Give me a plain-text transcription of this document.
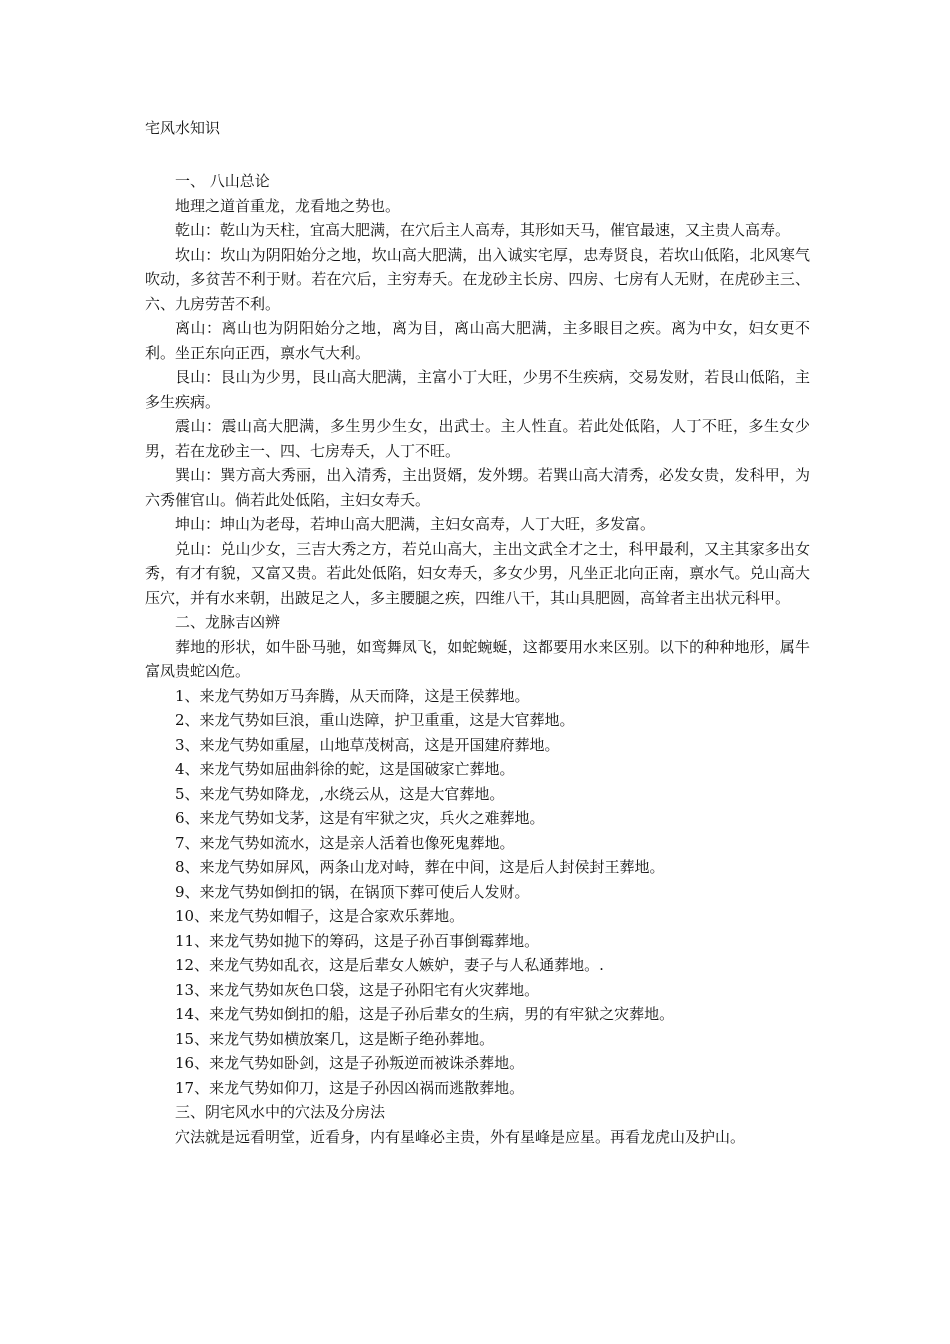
宅风水知识

一、 八山总论

地理之道首重龙，龙看地之势也。

乾山：乾山为天柱，宜高大肥满，在穴后主人高寿，其形如天马，催官最速，又主贵人高寿。

坎山：坎山为阴阳始分之地，坎山高大肥满，出入诚实宅厚，忠寿贤良，若坎山低陷，北风寒气吹动，多贫苦不利于财。若在穴后，主穷寿夭。在龙砂主长房、四房、七房有人无财，在虎砂主三、六、九房劳苦不利。

离山：离山也为阴阳始分之地，离为目，离山高大肥满，主多眼目之疾。离为中女，妇女更不利。坐正东向正西，禀水气大利。

艮山：艮山为少男，艮山高大肥满，主富小丁大旺，少男不生疾病，交易发财，若艮山低陷，主多生疾病。

震山：震山高大肥满，多生男少生女，出武士。主人性直。若此处低陷，人丁不旺，多生女少男，若在龙砂主一、四、七房寿夭，人丁不旺。

巽山：巽方高大秀丽，出入清秀，主出贤婿，发外甥。若巽山高大清秀，必发女贵，发科甲，为六秀催官山。倘若此处低陷，主妇女寿夭。

坤山：坤山为老母，若坤山高大肥满，主妇女高寿，人丁大旺，多发富。

兑山：兑山少女，三吉大秀之方，若兑山高大，主出文武全才之士，科甲最利，又主其家多出女秀，有才有貌，又富又贵。若此处低陷，妇女寿夭，多女少男，凡坐正北向正南，禀水气。兑山高大压穴，并有水来朝，出跛足之人，多主腰腿之疾，四维八干，其山具肥圆，高耸者主出状元科甲。

二、龙脉吉凶辨

葬地的形状，如牛卧马驰，如鸾舞凤飞，如蛇蜿蜒，这都要用水来区别。以下的种种地形，属牛富凤贵蛇凶危。

1、来龙气势如万马奔腾，从天而降，这是王侯葬地。

2、来龙气势如巨浪，重山迭障，护卫重重，这是大官葬地。

3、来龙气势如重屋，山地草茂树高，这是开国建府葬地。

4、来龙气势如屈曲斜徐的蛇，这是国破家亡葬地。

5、来龙气势如降龙，,水绕云从，这是大官葬地。

6、来龙气势如戈茅，这是有牢狱之灾，兵火之难葬地。

7、来龙气势如流水，这是亲人活着也像死鬼葬地。

8、来龙气势如屏风，两条山龙对峙，葬在中间，这是后人封侯封王葬地。

9、来龙气势如倒扣的锅，在锅顶下葬可使后人发财。

10、来龙气势如帽子，这是合家欢乐葬地。

11、来龙气势如抛下的筹码，这是子孙百事倒霉葬地。

12、来龙气势如乱衣，这是后辈女人嫉妒，妻子与人私通葬地。.

13、来龙气势如灰色口袋，这是子孙阳宅有火灾葬地。

14、来龙气势如倒扣的船，这是子孙后辈女的生病，男的有牢狱之灾葬地。

15、来龙气势如横放案几，这是断子绝孙葬地。

16、来龙气势如卧剑，这是子孙叛逆而被诛杀葬地。

17、来龙气势如仰刀，这是子孙因凶祸而逃散葬地。

三、阴宅风水中的穴法及分房法

穴法就是远看明堂，近看身，内有星峰必主贵，外有星峰是应星。再看龙虎山及护山。
